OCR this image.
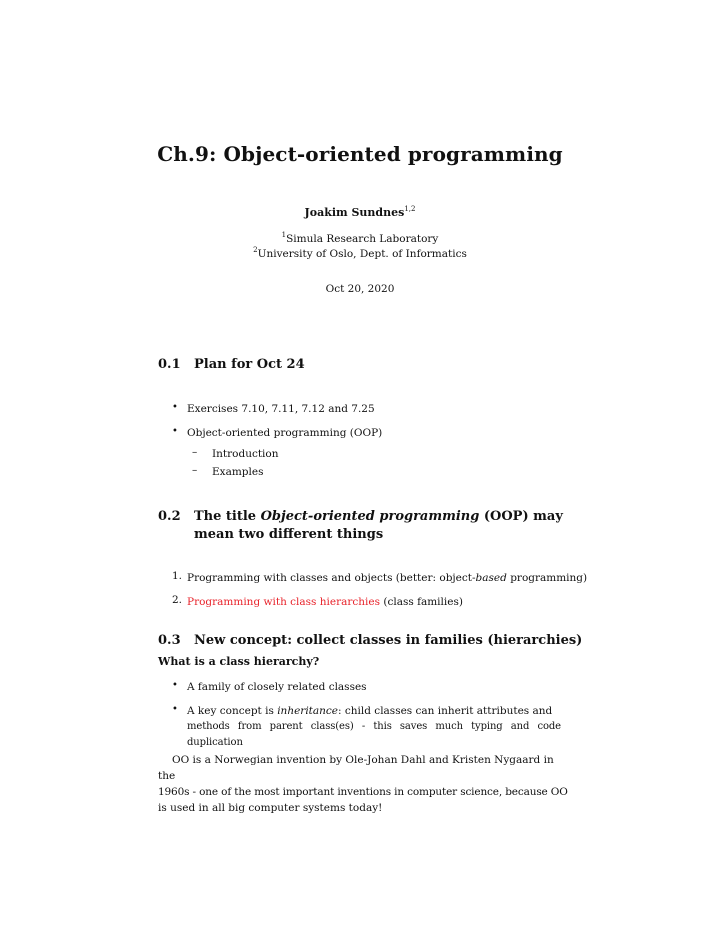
Ch.9: Object-oriented programming
Joakim Sundnes$^{1,2}$
$^1$Simula Research Laboratory
$^2$University of Oslo, Dept. of Informatics
Oct 20, 2020
0.1 Plan for Oct 24
• Exercises 7.10, 7.11, 7.12 and 7.25
• Object-oriented programming (OOP)
– Introduction
– Examples
0.2 The title Object-oriented programming (OOP) may
mean two different things
1. Programming with classes and objects (better: object-based programming)
2. Programming with class hierarchies (class families)
0.3 New concept: collect classes in families (hierarchies)
What is a class hierarchy?
• A family of closely related classes
• A key concept is inheritance: child classes can inherit attributes and
methods from parent class(es) - this saves much typing and code duplication
OO is a Norwegian invention by Ole-Johan Dahl and Kristen Nygaard in the
1960s - one of the most important inventions in computer science, because OO
is used in all big computer systems today!
